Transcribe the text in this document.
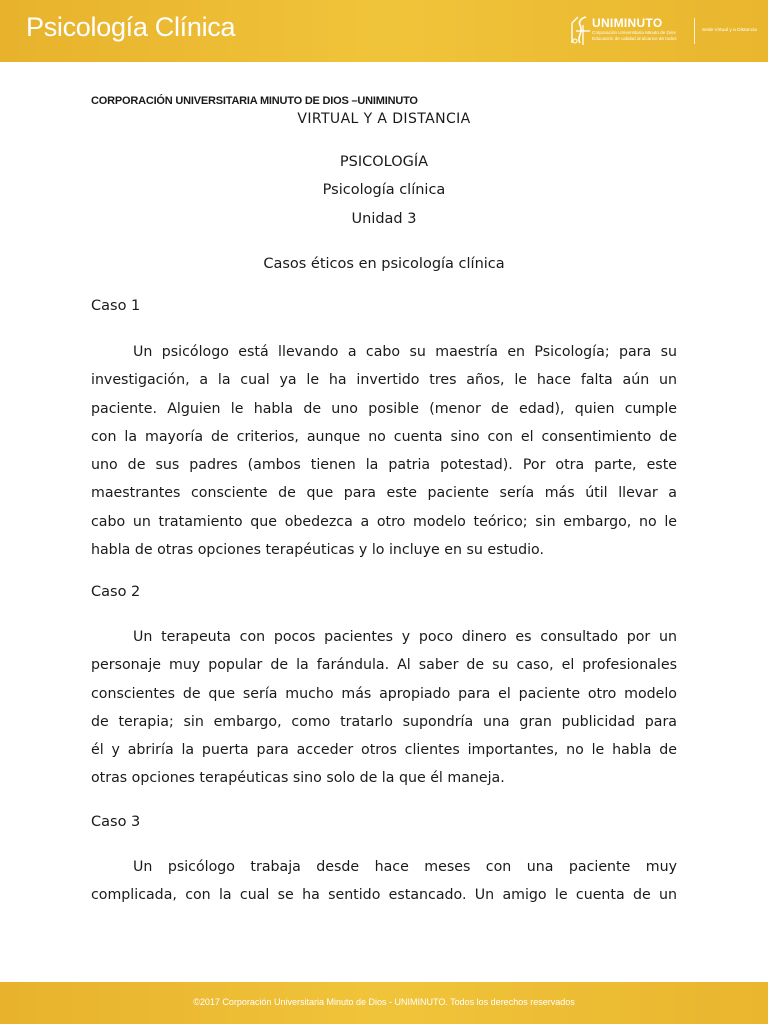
Psicología Clínica	UNIMINUTO
Corporación Universitaria Minuto de Dios
Educación de calidad al alcance de todos
Sede Virtual y a Distancia
CORPORACIÓN UNIVERSITARIA MINUTO DE DIOS –UNIMINUTO
VIRTUAL Y A DISTANCIA
PSICOLOGÍA
Psicología clínica
Unidad 3
Casos éticos en psicología clínica
Caso 1
Un psicólogo está llevando a cabo su maestría en Psicología; para su
investigación, a la cual ya le ha invertido tres años, le hace falta aún un
paciente. Alguien le habla de uno posible (menor de edad), quien cumple
con la mayoría de criterios, aunque no cuenta sino con el consentimiento de
uno de sus padres (ambos tienen la patria potestad). Por otra parte, este
maestrantes consciente de que para este paciente sería más útil llevar a
cabo un tratamiento que obedezca a otro modelo teórico; sin embargo, no le
habla de otras opciones terapéuticas y lo incluye en su estudio.
Caso 2
Un terapeuta con pocos pacientes y poco dinero es consultado por un
personaje muy popular de la farándula. Al saber de su caso, el profesionales
conscientes de que sería mucho más apropiado para el paciente otro modelo
de terapia; sin embargo, como tratarlo supondría una gran publicidad para
él y abriría la puerta para acceder otros clientes importantes, no le habla de
otras opciones terapéuticas sino solo de la que él maneja.
Caso 3
Un psicólogo trabaja desde hace meses con una paciente muy
complicada, con la cual se ha sentido estancado. Un amigo le cuenta de un
©2017 Corporación Universitaria Minuto de Dios - UNIMINUTO. Todos los derechos reservados
